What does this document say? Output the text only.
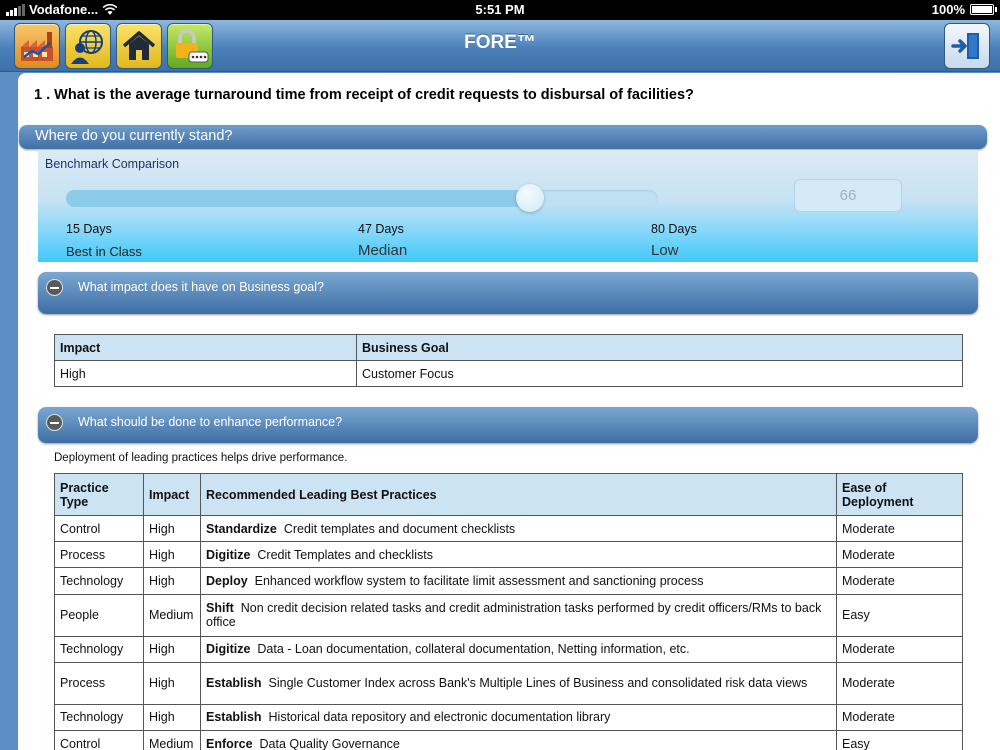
Vodafone...	5:51 PM	100%
FORE™
1 . What is the average turnaround time from receipt of credit requests to disbursal of facilities?
Where do you currently stand?
Benchmark Comparison
66
15 Days
Best in Class
47 Days
Median
80 Days
Low
What impact does it have on Business goal?
Impact	Business Goal
High	Customer Focus
What should be done to enhance performance?
Deployment of leading practices helps drive performance.
Practice Type	Impact	Recommended Leading Best Practices	Ease of Deployment
Control	High	Standardize Credit templates and document checklists	Moderate
Process	High	Digitize Credit Templates and checklists	Moderate
Technology	High	Deploy Enhanced workflow system to facilitate limit assessment and sanctioning process	Moderate
People	Medium	Shift Non credit decision related tasks and credit administration tasks performed by credit officers/RMs to back office	Easy
Technology	High	Digitize Data - Loan documentation, collateral documentation, Netting information, etc.	Moderate
Process	High	Establish Single Customer Index across Bank's Multiple Lines of Business and consolidated risk data views	Moderate
Technology	High	Establish Historical data repository and electronic documentation library	Moderate
Control	Medium	Enforce Data Quality Governance	Easy
